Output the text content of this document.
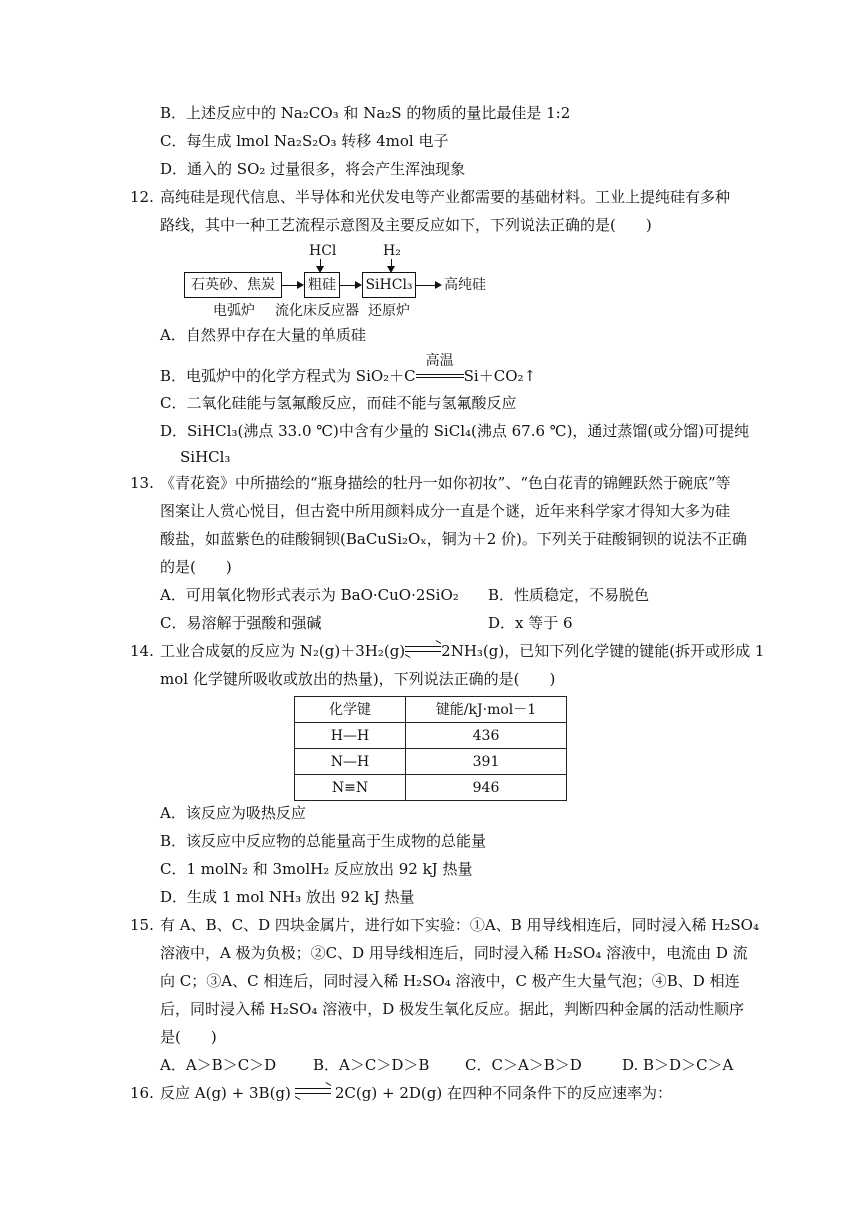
B．上述反应中的 Na₂CO₃ 和 Na₂S 的物质的量比最佳是 1:2
C．每生成 lmol Na₂S₂O₃ 转移 4mol 电子
D．通入的 SO₂ 过量很多，将会产生浑浊现象
12. 高纯硅是现代信息、半导体和光伏发电等产业都需要的基础材料。工业上提纯硅有多种
路线，其中一种工艺流程示意图及主要反应如下，下列说法正确的是(　　)
HCl	H₂
石英砂、焦炭	粗硅 SiHCl₃ 高纯硅
电弧炉 流化床反应器 还原炉
A．自然界中存在大量的单质硅
B．电弧炉中的化学方程式为 SiO₂＋C
高温
Si＋CO₂↑
C．二氧化硅能与氢氟酸反应，而硅不能与氢氟酸反应
D．SiHCl₃(沸点 33.0 ℃)中含有少量的 SiCl₄(沸点 67.6 ℃)，通过蒸馏(或分馏)可提纯
SiHCl₃
13. 《青花瓷》中所描绘的“瓶身描绘的牡丹一如你初妆”、“色白花青的锦鲤跃然于碗底”等
图案让人赏心悦目，但古瓷中所用颜料成分一直是个谜，近年来科学家才得知大多为硅
酸盐，如蓝紫色的硅酸铜钡(BaCuSi₂Oₓ，铜为＋2 价)。下列关于硅酸铜钡的说法不正确
的是(　　)
A．可用氧化物形式表示为 BaO·CuO·2SiO₂ B．性质稳定，不易脱色
C．易溶解于强酸和强碱	D．x 等于 6
14. 工业合成氨的反应为 N₂(g)＋3H₂(g)⇌2NH₃(g)，已知下列化学键的键能(拆开或形成 1
mol 化学键所吸收或放出的热量)，下列说法正确的是(　　)
化学键	键能/kJ·mol－1
H—H	436
N—H	391
N≡N	946
A．该反应为吸热反应
B．该反应中反应物的总能量高于生成物的总能量
C．1 molN₂ 和 3molH₂ 反应放出 92 kJ 热量
D．生成 1 mol NH₃ 放出 92 kJ 热量
15. 有 A、B、C、D 四块金属片，进行如下实验：①A、B 用导线相连后，同时浸入稀 H₂SO₄
溶液中，A 极为负极；②C、D 用导线相连后，同时浸入稀 H₂SO₄ 溶液中，电流由 D 流
向 C；③A、C 相连后，同时浸入稀 H₂SO₄ 溶液中，C 极产生大量气泡；④B、D 相连
后，同时浸入稀 H₂SO₄ 溶液中，D 极发生氧化反应。据此，判断四种金属的活动性顺序
是(　　)
A．A＞B＞C＞D B．A＞C＞D＞B C．C＞A＞B＞D	D. B＞D＞C＞A
16. 反应 A(g) + 3B(g) ⇌ 2C(g) + 2D(g) 在四种不同条件下的反应速率为：
